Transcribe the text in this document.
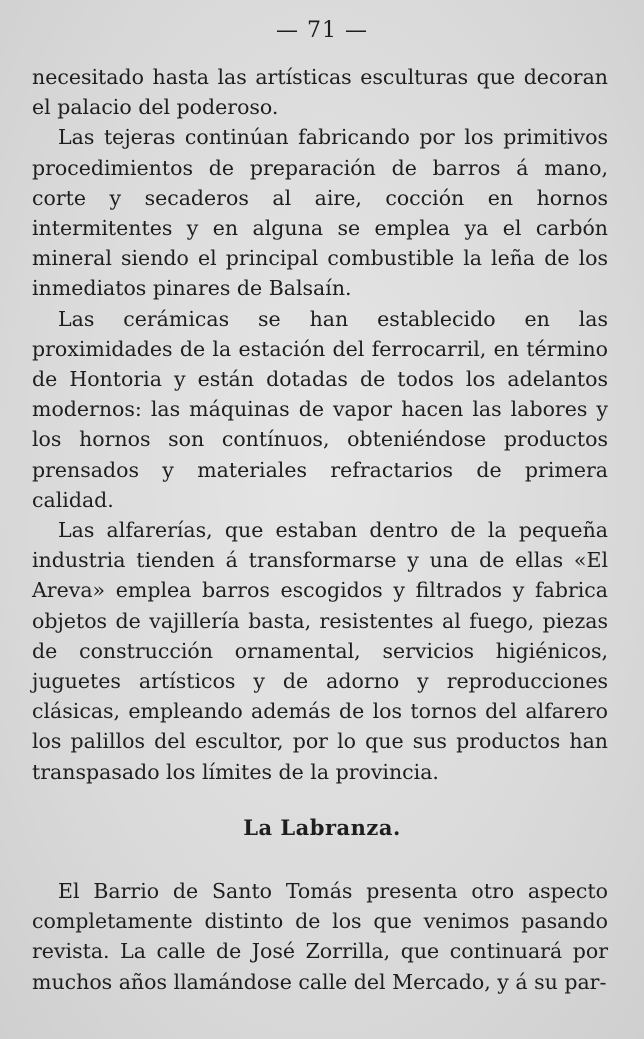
— 71 —

necesitado hasta las artísticas esculturas que decoran el palacio del poderoso.

Las tejeras continúan fabricando por los primitivos procedimientos de preparación de barros á mano, corte y secaderos al aire, cocción en hornos intermitentes y en alguna se emplea ya el carbón mineral siendo el principal combustible la leña de los inmediatos pinares de Balsaín.

Las cerámicas se han establecido en las proximidades de la estación del ferrocarril, en término de Hontoria y están dotadas de todos los adelantos modernos: las máquinas de vapor hacen las labores y los hornos son contínuos, obteniéndose productos prensados y materiales refractarios de primera calidad.

Las alfarerías, que estaban dentro de la pequeña industria tienden á transformarse y una de ellas «El Areva» emplea barros escogidos y filtrados y fabrica objetos de vajillería basta, resistentes al fuego, piezas de construcción ornamental, servicios higiénicos, juguetes artísticos y de adorno y reproducciones clásicas, empleando además de los tornos del alfarero los palillos del escultor, por lo que sus productos han transpasado los límites de la provincia.

La Labranza.

El Barrio de Santo Tomás presenta otro aspecto completamente distinto de los que venimos pasando revista. La calle de José Zorrilla, que continuará por muchos años llamándose calle del Mercado, y á su par-
